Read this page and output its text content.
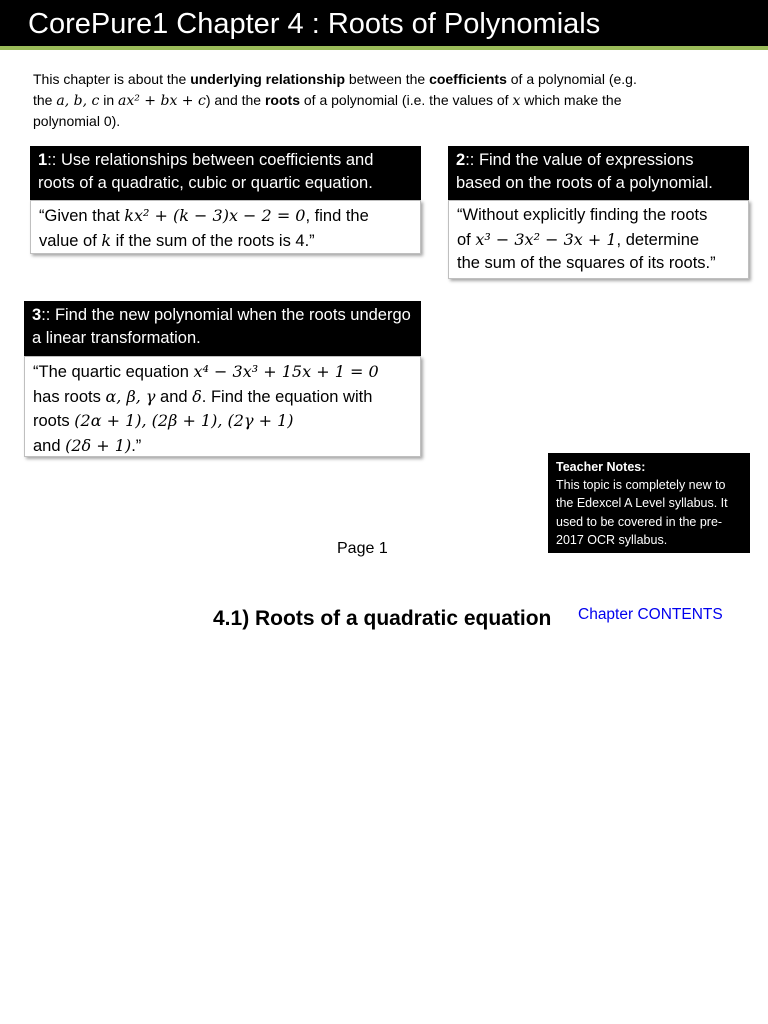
CorePure1 Chapter 4 : Roots of Polynomials
This chapter is about the underlying relationship between the coefficients of a polynomial (e.g.
the a, b, c in ax² + bx + c) and the roots of a polynomial (i.e. the values of x which make the
polynomial 0).
1:: Use relationships between coefficients and roots of a quadratic, cubic or quartic equation.
“Given that kx² + (k − 3)x − 2 = 0, find the
value of k if the sum of the roots is 4.”
2:: Find the value of expressions based on the roots of a polynomial.
“Without explicitly finding the roots
of x³ − 3x² − 3x + 1, determine
the sum of the squares of its roots.”
3:: Find the new polynomial when the roots undergo a linear transformation.
“The quartic equation x⁴ − 3x³ + 15x + 1 = 0
has roots α, β, γ and δ. Find the equation with
roots (2α + 1), (2β + 1), (2γ + 1)
and (2δ + 1).”
Teacher Notes:
This topic is completely new to the Edexcel A Level syllabus. It used to be covered in the pre-2017 OCR syllabus.
Page 1
4.1) Roots of a quadratic equation Chapter CONTENTS
